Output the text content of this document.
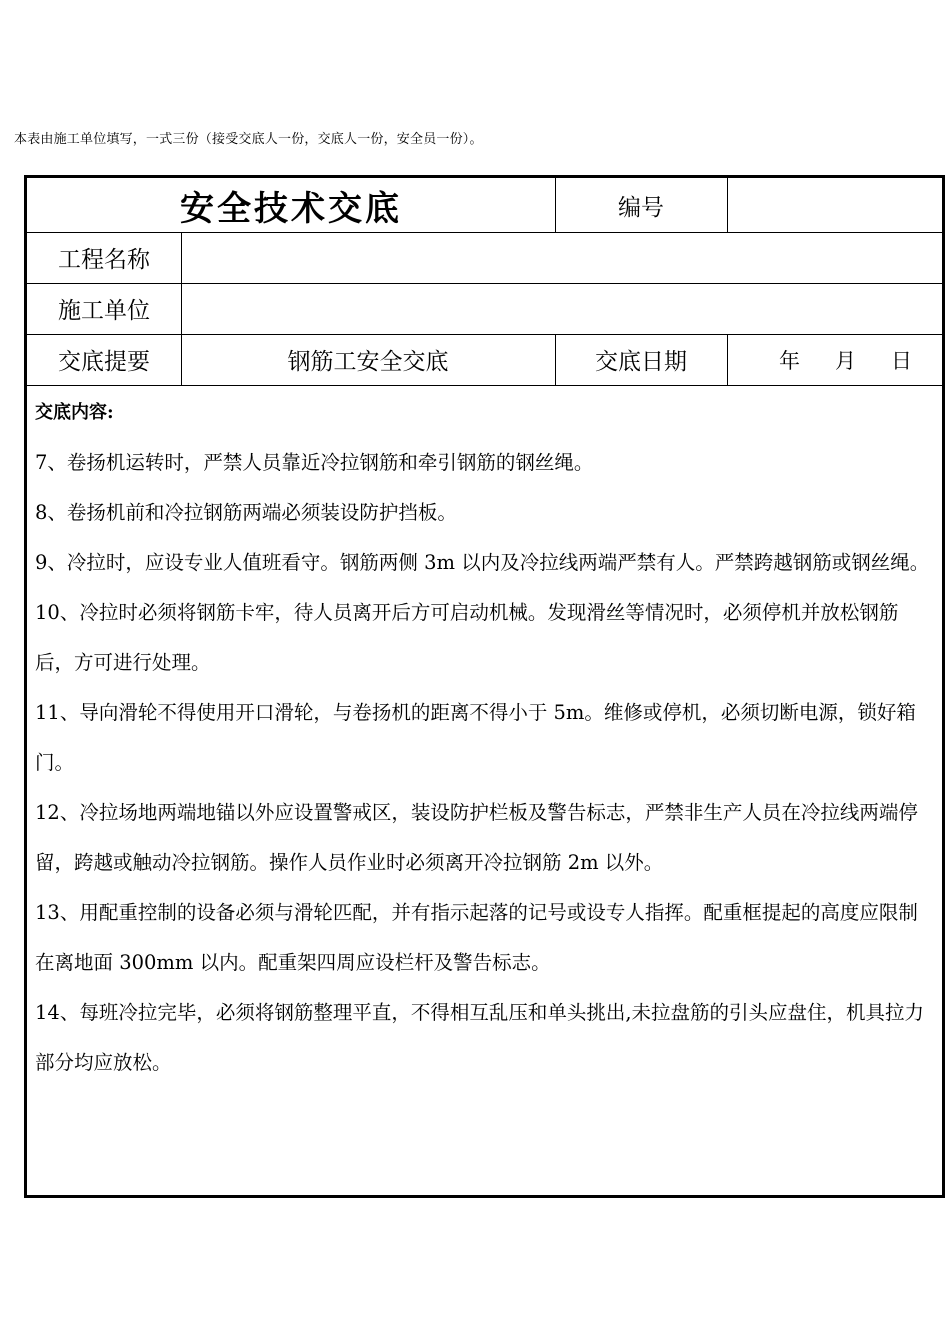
本表由施工单位填写，一式三份（接受交底人一份，交底人一份，安全员一份）。
安全技术交底	编号
工程名称
施工单位
交底提要	钢筋工安全交底	交底日期	年 月 日
交底内容:

7、卷扬机运转时，严禁人员靠近冷拉钢筋和牵引钢筋的钢丝绳。

8、卷扬机前和冷拉钢筋两端必须装设防护挡板。

9、冷拉时，应设专业人值班看守。钢筋两侧 3m 以内及冷拉线两端严禁有人。严禁跨越钢筋或钢丝绳。

10、冷拉时必须将钢筋卡牢，待人员离开后方可启动机械。发现滑丝等情况时，必须停机并放松钢筋后，方可进行处理。

11、导向滑轮不得使用开口滑轮，与卷扬机的距离不得小于 5m。维修或停机，必须切断电源，锁好箱门。

12、冷拉场地两端地锚以外应设置警戒区，装设防护栏板及警告标志，严禁非生产人员在冷拉线两端停留，跨越或触动冷拉钢筋。操作人员作业时必须离开冷拉钢筋 2m 以外。

13、用配重控制的设备必须与滑轮匹配，并有指示起落的记号或设专人指挥。配重框提起的高度应限制在离地面 300mm 以内。配重架四周应设栏杆及警告标志。

14、每班冷拉完毕，必须将钢筋整理平直，不得相互乱压和单头挑出,未拉盘筋的引头应盘住，机具拉力部分均应放松。
